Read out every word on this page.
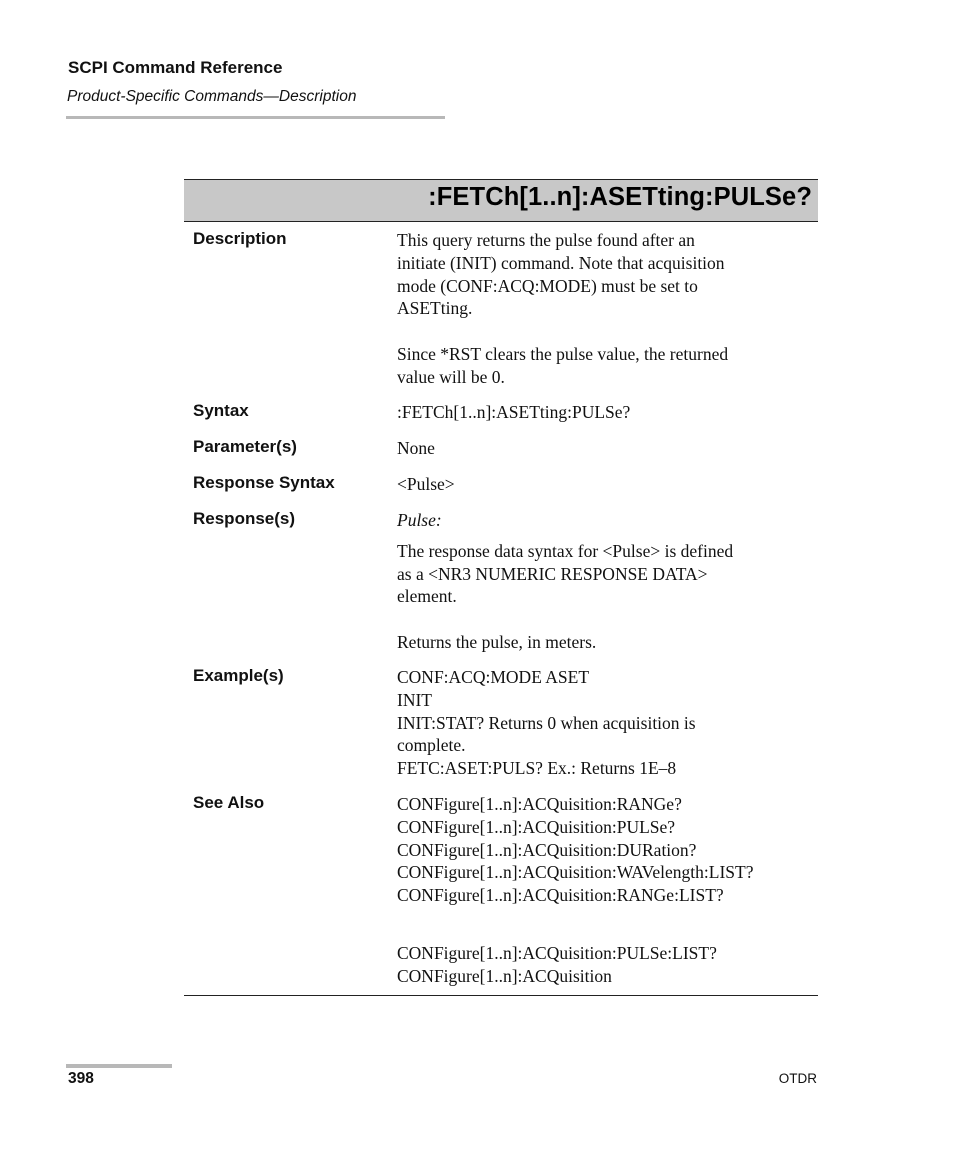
SCPI Command Reference
Product-Specific Commands—Description
:FETCh[1..n]:ASETting:PULSe?
Description	This query returns the pulse found after an
initiate (INIT) command. Note that acquisition
mode (CONF:ACQ:MODE) must be set to
ASETting.
Since *RST clears the pulse value, the returned
value will be 0.
Syntax	:FETCh[1..n]:ASETting:PULSe?
Parameter(s)	None
Response Syntax	<Pulse>
Response(s)	Pulse:
The response data syntax for <Pulse> is defined
as a <NR3 NUMERIC RESPONSE DATA>
element.
Returns the pulse, in meters.
Example(s)	CONF:ACQ:MODE ASET
INIT
INIT:STAT? Returns 0 when acquisition is
complete.
FETC:ASET:PULS? Ex.: Returns 1E–8
See Also	CONFigure[1..n]:ACQuisition:RANGe?
CONFigure[1..n]:ACQuisition:PULSe?
CONFigure[1..n]:ACQuisition:DURation?
CONFigure[1..n]:ACQuisition:WAVelength:LIST?
CONFigure[1..n]:ACQuisition:RANGe:LIST?
CONFigure[1..n]:ACQuisition:PULSe:LIST?
CONFigure[1..n]:ACQuisition
398	OTDR
